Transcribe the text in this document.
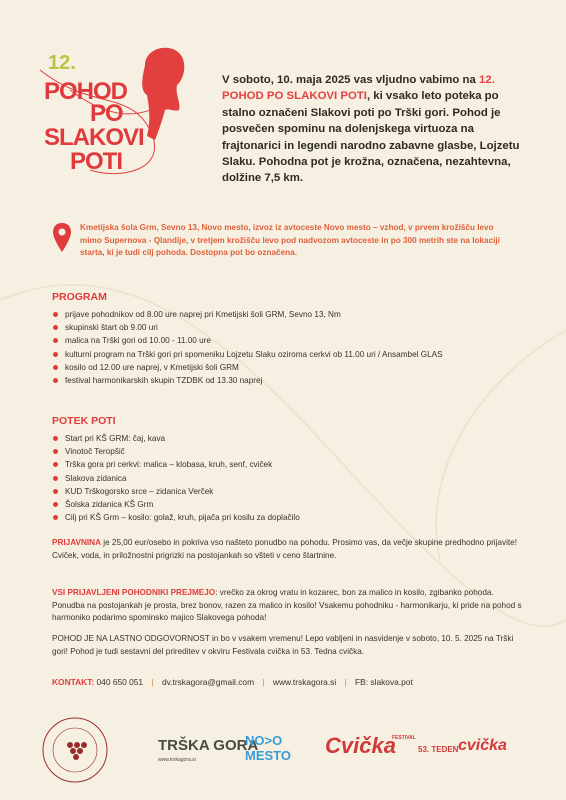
12.
POHOD
PO
SLAKOVI
POTI
V soboto, 10. maja 2025 vas vljudno vabimo na 12. POHOD PO SLAKOVI POTI, ki vsako leto poteka po stalno označeni Slakovi poti po Trški gori. Pohod je posvečen spominu na dolenjskega virtuoza na frajtonarici in legendi narodno zabavne glasbe, Lojzetu Slaku. Pohodna pot je krožna, označena, nezahtevna, dolžine 7,5 km.
Kmetijska šola Grm, Sevno 13, Novo mesto, izvoz iz avtoceste Novo mesto – vzhod, v prvem krožišču levo mimo Supernova - Qlandije, v tretjem krožišču levo pod nadvozom avtoceste in po 300 metrih ste na lokaciji starta, ki je tudi cilj pohoda. Dostopna pot bo označena.
PROGRAM
prijave pohodnikov od 8.00 ure naprej pri Kmetijski šoli GRM, Sevno 13, Nm
skupinski štart ob 9.00 uri
malica na Trški gori od 10.00 - 11.00 ure
kulturni program na Trški gori pri spomeniku Lojzetu Slaku oziroma cerkvi ob 11.00 uri / Ansambel GLAS
kosilo od 12.00 ure naprej, v Kmetijski šoli GRM
festival harmonikarskih skupin TZDBK od 13.30 naprej
POTEK POTI
Start pri KŠ GRM: čaj, kava
Vinotoč Teropšič
Trška gora pri cerkvi: malica – klobasa, kruh, senf, cviček
Slakova zidanica
KUD Trškogorsko srce – zidanica Verček
Šolska zidanica KŠ Grm
Cilj pri KŠ Grm – kosilo: golaž, kruh, pijača pri kosilu za doplačilo
PRIJAVNINA je 25,00 eur/osebo in pokriva vso našteto ponudbo na pohodu. Prosimo vas, da večje skupine predhodno prijavite! Cviček, voda, in priložnostni prigrizki na postojankah so všteti v ceno štartnine.
VSI PRIJAVLJENI POHODNIKI PREJMEJO: vrečko za okrog vratu in kozarec, bon za malico in kosilo, zgibanko pohoda. Ponudba na postojankah je prosta, brez bonov, razen za malico in kosilo! Vsakemu pohodniku - harmonikarju, ki pride na pohod s harmoniko podarimo spominsko majico Slakovega pohoda!
POHOD JE NA LASTNO ODGOVORNOST in bo v vsakem vremenu! Lepo vabljeni in nasvidenje v soboto, 10. 5. 2025 na Trški gori! Pohod je tudi sestavni del prireditev v okviru Festivala cvička in 53. Tedna cvička.
KONTAKT: 040 650 051 | dv.trskagora@gmail.com | www.trskagora.si | FB: slakova.pot
TRŠKA GORA
www.trskagora.si
NO>O
MESTO Cvička
FESTIVAL
53. TEDEN cvička
